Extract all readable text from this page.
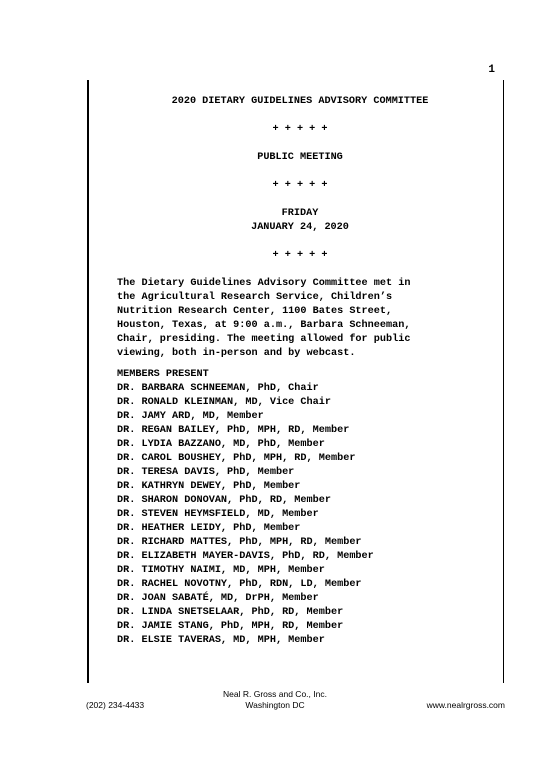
1
2020 DIETARY GUIDELINES ADVISORY COMMITTEE
+ + + + +
PUBLIC MEETING
+ + + + +
FRIDAY
JANUARY 24, 2020
+ + + + +
The Dietary Guidelines Advisory Committee met in
the Agricultural Research Service, Children’s
Nutrition Research Center, 1100 Bates Street,
Houston, Texas, at 9:00 a.m., Barbara Schneeman,
Chair, presiding. The meeting allowed for public
viewing, both in-person and by webcast.
MEMBERS PRESENT
DR. BARBARA SCHNEEMAN, PhD, Chair
DR. RONALD KLEINMAN, MD, Vice Chair
DR. JAMY ARD, MD, Member
DR. REGAN BAILEY, PhD, MPH, RD, Member
DR. LYDIA BAZZANO, MD, PhD, Member
DR. CAROL BOUSHEY, PhD, MPH, RD, Member
DR. TERESA DAVIS, PhD, Member
DR. KATHRYN DEWEY, PhD, Member
DR. SHARON DONOVAN, PhD, RD, Member
DR. STEVEN HEYMSFIELD, MD, Member
DR. HEATHER LEIDY, PhD, Member
DR. RICHARD MATTES, PhD, MPH, RD, Member
DR. ELIZABETH MAYER-DAVIS, PhD, RD, Member
DR. TIMOTHY NAIMI, MD, MPH, Member
DR. RACHEL NOVOTNY, PhD, RDN, LD, Member
DR. JOAN SABATÉ, MD, DrPH, Member
DR. LINDA SNETSELAAR, PhD, RD, Member
DR. JAMIE STANG, PhD, MPH, RD, Member
DR. ELSIE TAVERAS, MD, MPH, Member
Neal R. Gross and Co., Inc.
(202) 234-4433	Washington DC	www.nealrgross.com
